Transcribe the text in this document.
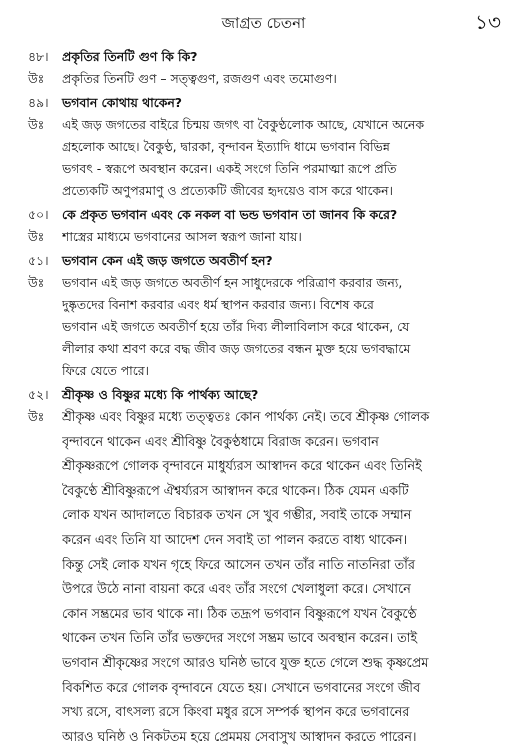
জাগ্রত চেতনা	১৩
৪৮। প্রকৃতির তিনটি গুণ কি কি?
উঃ প্রকৃতির তিনটি গুণ – সত্ত্বগুণ, রজগুণ এবং তমোগুণ।
৪৯। ভগবান কোথায় থাকেন?
উঃ এই জড় জগতের বাইরে চিন্ময় জগৎ বা বৈকুণ্ঠলোক আছে, যেখানে অনেক
গ্রহলোক আছে। বৈকুণ্ঠ, দ্বারকা, বৃন্দাবন ইত্যাদি ধামে ভগবান বিভিন্ন
ভগবৎ - স্বরূপে অবস্থান করেন। একই সংগে তিনি পরমাত্মা রূপে প্রতি
প্রত্যেকটি অণুপরমাণু ও প্রত্যেকটি জীবের হৃদয়েও বাস করে থাকেন।
৫০। কে প্রকৃত ভগবান এবং কে নকল বা ভন্ড ভগবান তা জানব কি করে?
উঃ শাস্ত্রের মাধ্যমে ভগবানের আসল স্বরূপ জানা যায়।
৫১। ভগবান কেন এই জড় জগতে অবতীর্ণ হন?
উঃ ভগবান এই জড় জগতে অবতীর্ণ হন সাধুদেরকে পরিত্রাণ করবার জন্য,
দুষ্কৃতদের বিনাশ করবার এবং ধর্ম স্থাপন করবার জন্য। বিশেষ করে
ভগবান এই জগতে অবতীর্ণ হয়ে তাঁর দিব্য লীলাবিলাস করে থাকেন, যে
লীলার কথা শ্রবণ করে বদ্ধ জীব জড় জগতের বন্ধন মুক্ত হয়ে ভগবদ্ধামে
ফিরে যেতে পারে।
৫২। শ্রীকৃষ্ণ ও বিষ্ণুর মধ্যে কি পার্থক্য আছে?
উঃ শ্রীকৃষ্ণ এবং বিষ্ণুর মধ্যে তত্ত্বতঃ কোন পার্থক্য নেই। তবে শ্রীকৃষ্ণ গোলক
বৃন্দাবনে থাকেন এবং শ্রীবিষ্ণু বৈকুণ্ঠধামে বিরাজ করেন। ভগবান
শ্রীকৃষ্ণরূপে গোলক বৃন্দাবনে মাধুর্য্যরস আস্বাদন করে থাকেন এবং তিনিই
বৈকুণ্ঠে শ্রীবিষ্ণুরূপে ঐশ্বর্য্যরস আস্বাদন করে থাকেন। ঠিক যেমন একটি
লোক যখন আদালতে বিচারক তখন সে খুব গম্ভীর, সবাই তাকে সম্মান
করেন এবং তিনি যা আদেশ দেন সবাই তা পালন করতে বাধ্য থাকেন।
কিন্তু সেই লোক যখন গৃহে ফিরে আসেন তখন তাঁর নাতি নাতনিরা তাঁর
উপরে উঠে নানা বায়না করে এবং তাঁর সংগে খেলাধুলা করে। সেখানে
কোন সম্ভ্রমের ভাব থাকে না। ঠিক তদ্রূপ ভগবান বিষ্ণুরূপে যখন বৈকুণ্ঠে
থাকেন তখন তিনি তাঁর ভক্তদের সংগে সম্ভ্রম ভাবে অবস্থান করেন। তাই
ভগবান শ্রীকৃষ্ণের সংগে আরও ঘনিষ্ঠ ভাবে যুক্ত হতে গেলে শুদ্ধ কৃষ্ণপ্রেম
বিকশিত করে গোলক বৃন্দাবনে যেতে হয়। সেখানে ভগবানের সংগে জীব
সখ্য রসে, বাৎসল্য রসে কিংবা মধুর রসে সম্পর্ক স্থাপন করে ভগবানের
আরও ঘনিষ্ঠ ও নিকটতম হয়ে প্রেমময় সেবাসুখ আস্বাদন করতে পারেন।
